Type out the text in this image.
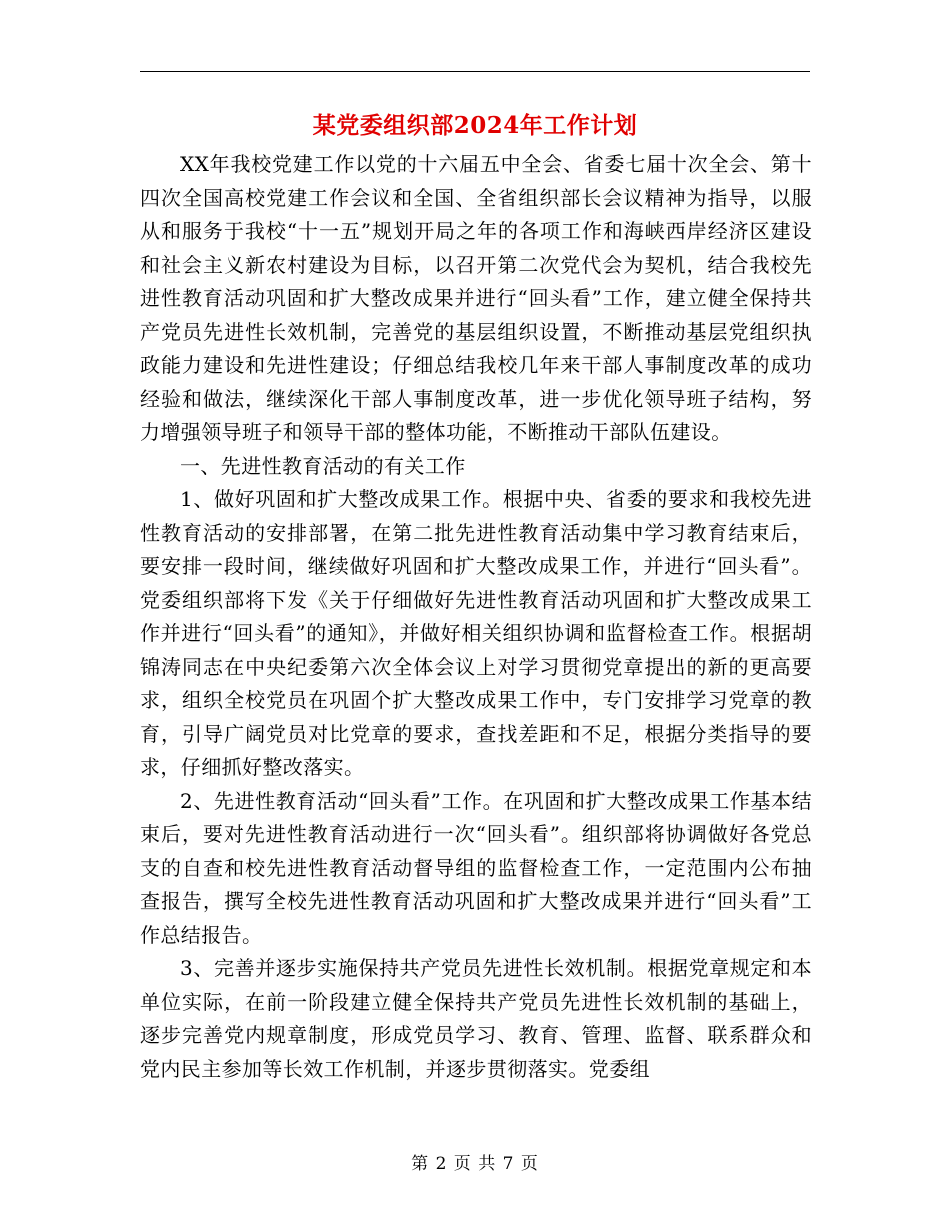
某党委组织部2024年工作计划

XX年我校党建工作以党的十六届五中全会、省委七届十次全会、第十四次全国高校党建工作会议和全国、全省组织部长会议精神为指导，以服从和服务于我校“十一五”规划开局之年的各项工作和海峡西岸经济区建设和社会主义新农村建设为目标，以召开第二次党代会为契机，结合我校先进性教育活动巩固和扩大整改成果并进行“回头看”工作，建立健全保持共产党员先进性长效机制，完善党的基层组织设置，不断推动基层党组织执政能力建设和先进性建设；仔细总结我校几年来干部人事制度改革的成功经验和做法，继续深化干部人事制度改革，进一步优化领导班子结构，努力增强领导班子和领导干部的整体功能，不断推动干部队伍建设。

一、先进性教育活动的有关工作

1、做好巩固和扩大整改成果工作。根据中央、省委的要求和我校先进性教育活动的安排部署，在第二批先进性教育活动集中学习教育结束后，要安排一段时间，继续做好巩固和扩大整改成果工作，并进行“回头看”。党委组织部将下发《关于仔细做好先进性教育活动巩固和扩大整改成果工作并进行“回头看”的通知》，并做好相关组织协调和监督检查工作。根据胡锦涛同志在中央纪委第六次全体会议上对学习贯彻党章提出的新的更高要求，组织全校党员在巩固个扩大整改成果工作中，专门安排学习党章的教育，引导广阔党员对比党章的要求，查找差距和不足，根据分类指导的要求，仔细抓好整改落实。

2、先进性教育活动“回头看”工作。在巩固和扩大整改成果工作基本结束后，要对先进性教育活动进行一次“回头看”。组织部将协调做好各党总支的自查和校先进性教育活动督导组的监督检查工作，一定范围内公布抽查报告，撰写全校先进性教育活动巩固和扩大整改成果并进行“回头看”工作总结报告。

3、完善并逐步实施保持共产党员先进性长效机制。根据党章规定和本单位实际，在前一阶段建立健全保持共产党员先进性长效机制的基础上，逐步完善党内规章制度，形成党员学习、教育、管理、监督、联系群众和党内民主参加等长效工作机制，并逐步贯彻落实。党委组

第 2 页 共 7 页
